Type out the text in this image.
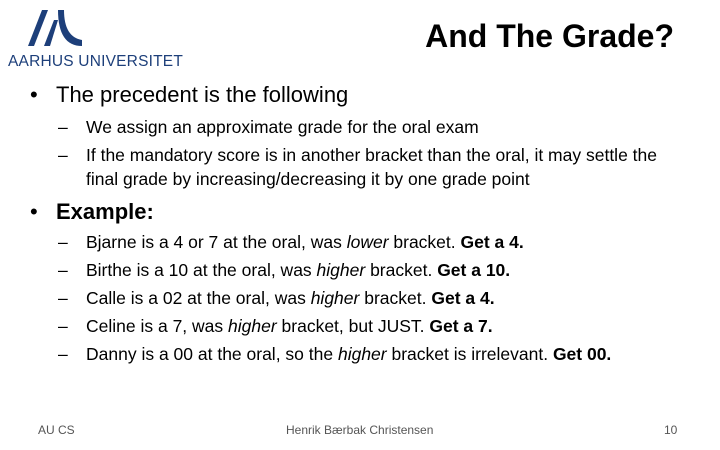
AARHUS UNIVERSITET
And The Grade?
• The precedent is the following
–	We assign an approximate grade for the oral exam
–	If the mandatory score is in another bracket than the oral, it may settle the final grade by increasing/decreasing it by one grade point
• Example:
– Bjarne is a 4 or 7 at the oral, was lower bracket. Get a 4.
– Birthe is a 10 at the oral, was higher bracket. Get a 10.
– Calle is a 02 at the oral, was higher bracket. Get a 4.
– Celine is a 7, was higher bracket, but JUST. Get a 7.
– Danny is a 00 at the oral, so the higher bracket is irrelevant. Get 00.
AU CS	Henrik Bærbak Christensen	10
